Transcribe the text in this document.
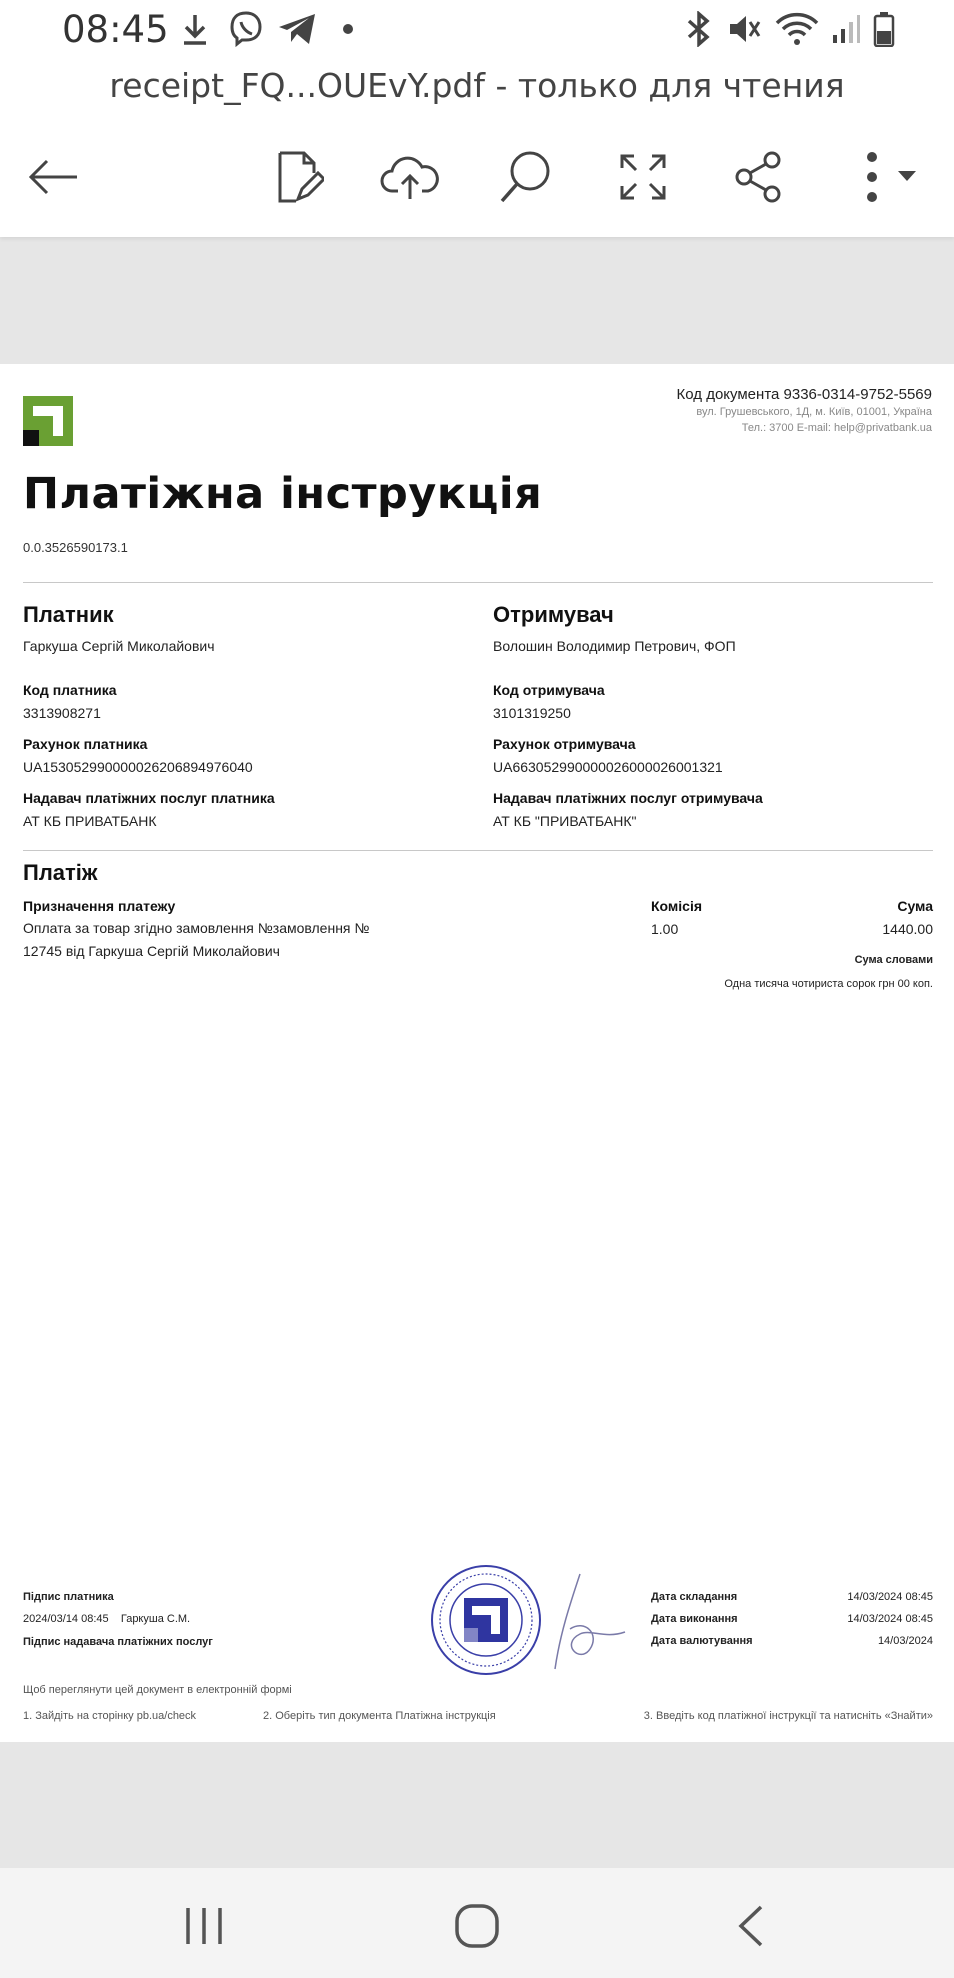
08:45
receipt_FQ...OUEvY.pdf - только для чтения
Код документа 9336-0314-9752-5569
вул. Грушевського, 1Д, м. Київ, 01001, Україна
Тел.: 3700 E-mail: help@privatbank.ua
Платіжна інструкція
0.0.3526590173.1
Платник
Гаркуша Сергій Миколайович
Код платника
3313908271
Рахунок платника
UA153052990000026206894976040
Надавач платіжних послуг платника
АТ КБ ПРИВАТБАНК
Отримувач
Волошин Володимир Петрович, ФОП
Код отримувача
3101319250
Рахунок отримувача
UA663052990000026000026001321
Надавач платіжних послуг отримувача
АТ КБ "ПРИВАТБАНК"
Платіж
Призначення платежу
Оплата за товар згідно замовлення №замовлення №
12745 від Гаркуша Сергій Миколайович
Комісія
1.00
Сума
1440.00
Сума словами
Одна тисяча чотириста сорок грн 00 коп.
Підпис платника
2024/03/14 08:45    Гаркуша С.М.
Підпис надавача платіжних послуг
Дата складання	14/03/2024 08:45
Дата виконання	14/03/2024 08:45
Дата валютування	14/03/2024
Щоб переглянути цей документ в електронній формі
1. Зайдіть на сторінку pb.ua/check	2. Оберіть тип документа Платіжна інструкція	3. Введіть код платіжної інструкції та натисніть «Знайти»
